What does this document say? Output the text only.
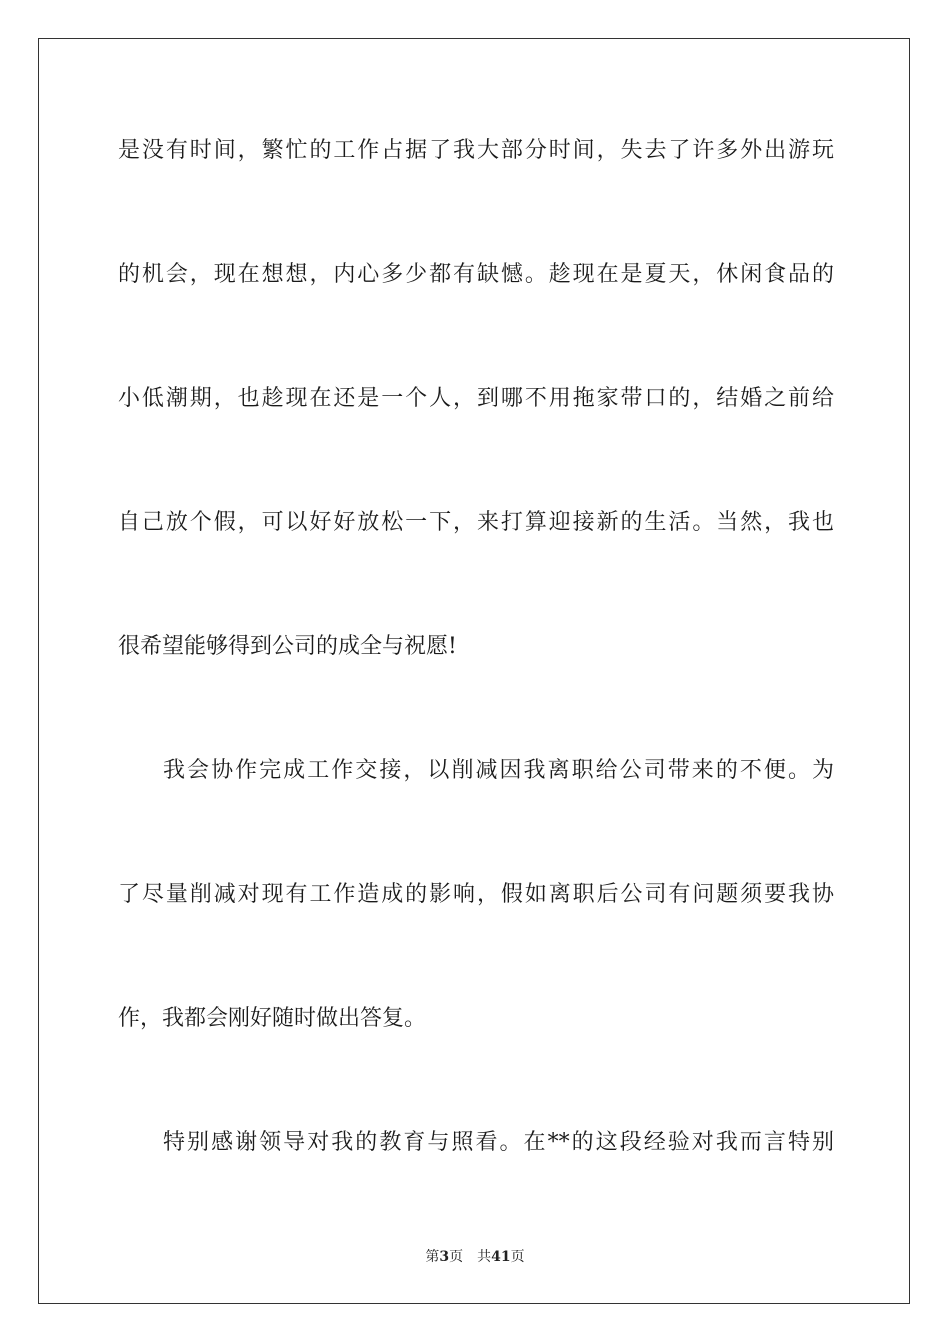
是没有时间，繁忙的工作占据了我大部分时间，失去了许多外出游玩
的机会，现在想想，内心多少都有缺憾。趁现在是夏天，休闲食品的
小低潮期，也趁现在还是一个人，到哪不用拖家带口的，结婚之前给
自己放个假，可以好好放松一下，来打算迎接新的生活。当然，我也
很希望能够得到公司的成全与祝愿!
我会协作完成工作交接，以削减因我离职给公司带来的不便。为
了尽量削减对现有工作造成的影响，假如离职后公司有问题须要我协
作，我都会刚好随时做出答复。
特别感谢领导对我的教育与照看。在**的这段经验对我而言特别
第3页 共41页
